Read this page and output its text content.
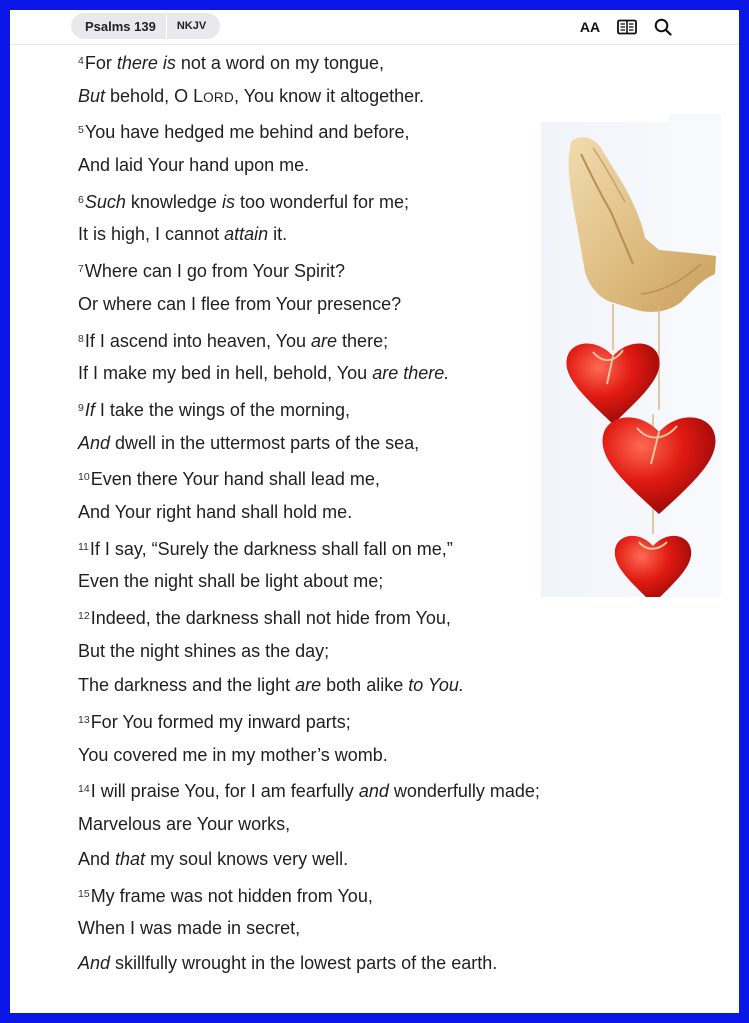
Psalms 139	NKJV	AA
$^4$For there is not a word on my tongue,
But behold, O LORD, You know it altogether.
$^5$You have hedged me behind and before,
And laid Your hand upon me.
$^6$Such knowledge is too wonderful for me;
It is high, I cannot attain it.
$^7$Where can I go from Your Spirit?
Or where can I flee from Your presence?
$^8$If I ascend into heaven, You are there;
If I make my bed in hell, behold, You are there.
$^9$If I take the wings of the morning,
And dwell in the uttermost parts of the sea,
$^{10}$Even there Your hand shall lead me,
And Your right hand shall hold me.
$^{11}$If I say, “Surely the darkness shall fall on me,”
Even the night shall be light about me;
$^{12}$Indeed, the darkness shall not hide from You,
But the night shines as the day;
The darkness and the light are both alike to You.
$^{13}$For You formed my inward parts;
You covered me in my mother’s womb.
$^{14}$I will praise You, for I am fearfully and wonderfully made;
Marvelous are Your works,
And that my soul knows very well.
$^{15}$My frame was not hidden from You,
When I was made in secret,
And skillfully wrought in the lowest parts of the earth.
